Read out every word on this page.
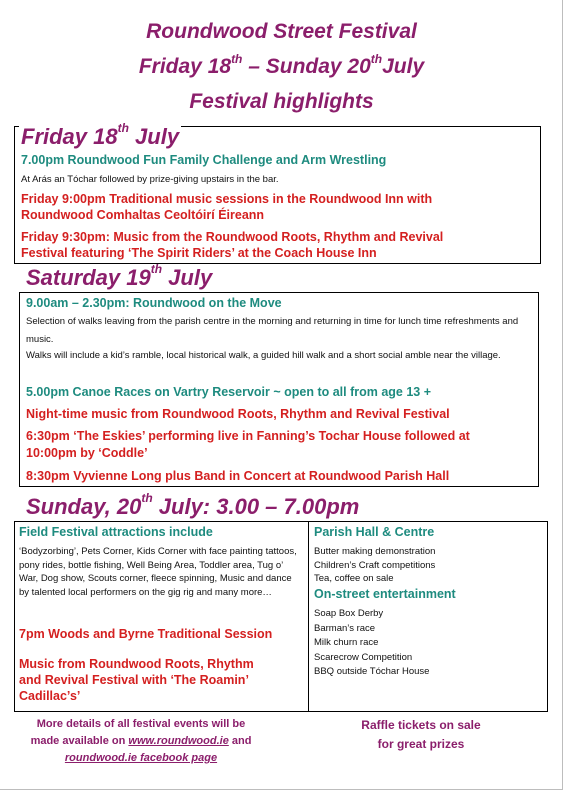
Roundwood Street Festival
Friday 18th – Sunday 20thJuly
Festival highlights
Friday 18th July
7.00pm Roundwood Fun Family Challenge and Arm Wrestling
At Arás an Tóchar followed by prize-giving upstairs in the bar.
Friday 9:00pm Traditional music sessions in the Roundwood Inn with
Roundwood Comhaltas Ceoltóirí Éireann
Friday 9:30pm: Music from the Roundwood Roots, Rhythm and Revival
Festival featuring ‘The Spirit Riders’ at the Coach House Inn
Saturday 19th July
9.00am – 2.30pm: Roundwood on the Move
Selection of walks leaving from the parish centre in the morning and returning in time for lunch time refreshments and music.
Walks will include a kid’s ramble, local historical walk, a guided hill walk and a short social amble near the village.
5.00pm Canoe Races on Vartry Reservoir ~ open to all from age 13 +
Night-time music from Roundwood Roots, Rhythm and Revival Festival
6:30pm ‘The Eskies’ performing live in Fanning’s Tochar House followed at
10:00pm by ‘Coddle’
8:30pm Vyvienne Long plus Band in Concert at Roundwood Parish Hall
Sunday, 20th July: 3.00 – 7.00pm
Field Festival attractions include
‘Bodyzorbing’, Pets Corner, Kids Corner with face painting tattoos, pony rides, bottle fishing, Well Being Area, Toddler area, Tug o’ War, Dog show, Scouts corner, fleece spinning, Music and dance by talented local performers on the gig rig and many more…
7pm Woods and Byrne Traditional Session
Music from Roundwood Roots, Rhythm
and Revival Festival with ‘The Roamin’
Cadillac’s’
Parish Hall & Centre
Butter making demonstration
Children’s Craft competitions
Tea, coffee on sale
On-street entertainment
Soap Box Derby
Barman’s race
Milk churn race
Scarecrow Competition
BBQ outside Tóchar House
More details of all festival events will be
made available on www.roundwood.ie and
roundwood.ie facebook page
Raffle tickets on sale
for great prizes
